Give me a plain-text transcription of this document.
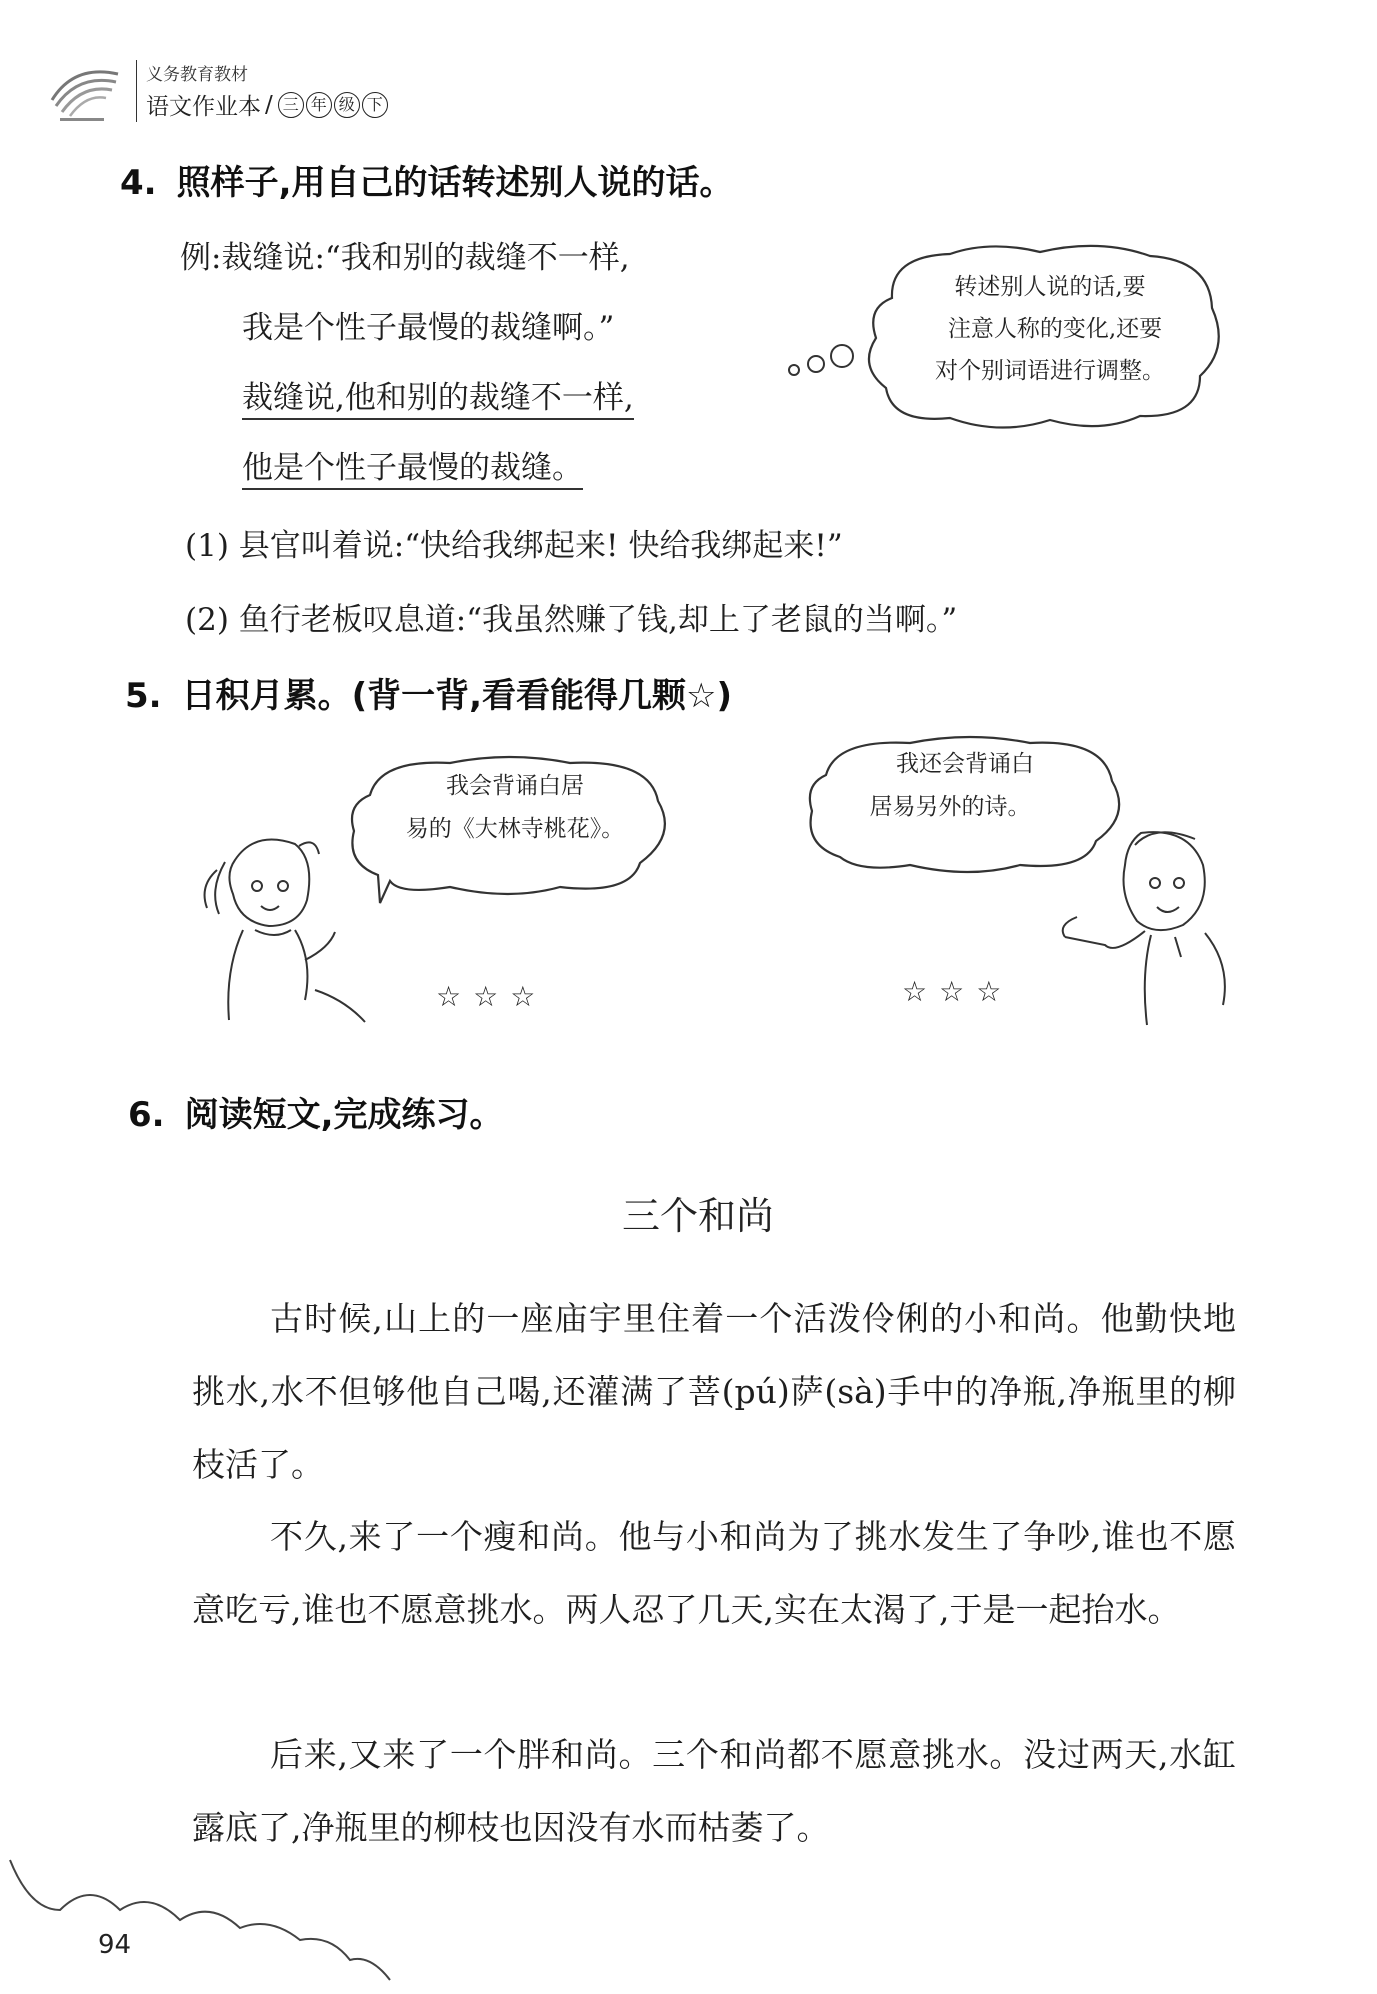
义务教育教材
语文作业本 / 三 年 级 下
4. 照样子,用自己的话转述别人说的话。
例:裁缝说:“我和别的裁缝不一样,
我是个性子最慢的裁缝啊。”
裁缝说,他和别的裁缝不一样,
他是个性子最慢的裁缝。
转述别人说的话,要
注意人称的变化,还要
对个别词语进行调整。
(1) 县官叫着说:“快给我绑起来! 快给我绑起来!”
(2) 鱼行老板叹息道:“我虽然赚了钱,却上了老鼠的当啊。”
5. 日积月累。(背一背,看看能得几颗☆)
我会背诵白居
易的《大林寺桃花》。
我还会背诵白
居易另外的诗。
☆☆☆	☆☆☆
6. 阅读短文,完成练习。
三个和尚
古时候,山上的一座庙宇里住着一个活泼伶俐的小和尚。他勤快地挑水,水不但够他自己喝,还灌满了菩(pú)萨(sà)手中的净瓶,净瓶里的柳枝活了。
不久,来了一个瘦和尚。他与小和尚为了挑水发生了争吵,谁也不愿意吃亏,谁也不愿意挑水。两人忍了几天,实在太渴了,于是一起抬水。
后来,又来了一个胖和尚。三个和尚都不愿意挑水。没过两天,水缸露底了,净瓶里的柳枝也因没有水而枯萎了。
94
